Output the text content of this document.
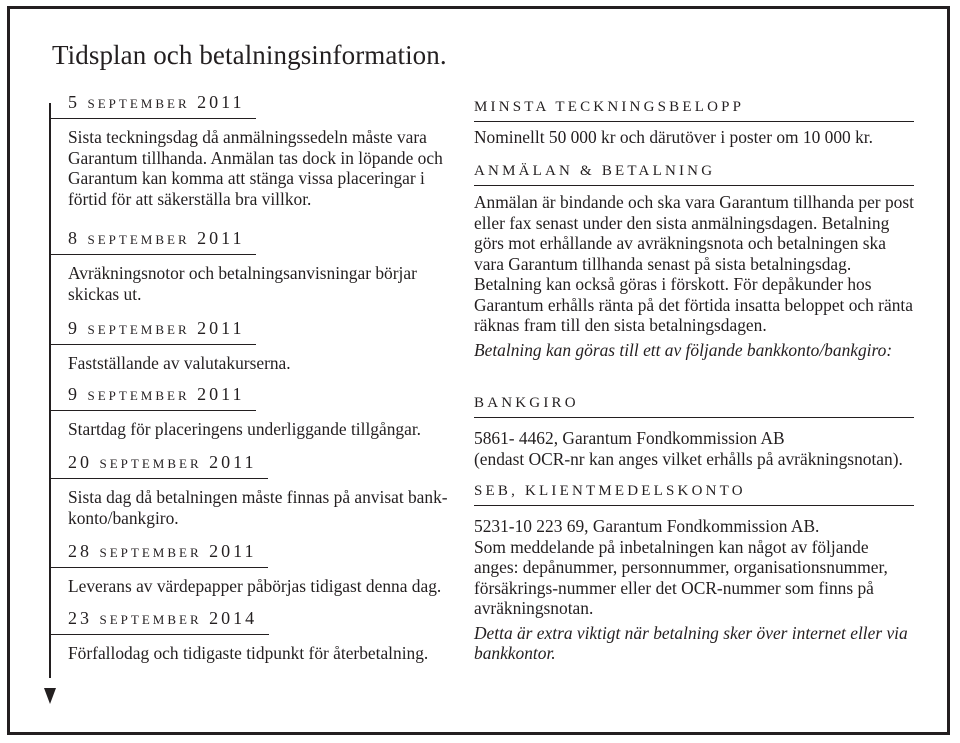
Tidsplan och betalningsinformation.
5 september 2011

Sista teckningsdag då anmälningssedeln måste vara Garantum tillhanda. Anmälan tas dock in löpande och Garantum kan komma att stänga vissa placeringar i förtid för att säkerställa bra villkor.

8 september 2011

Avräkningsnotor och betalningsanvisningar börjar skickas ut.

9 september 2011

Fastställande av valutakurserna.

9 september 2011

Startdag för placeringens underliggande tillgångar.

20 september 2011

Sista dag då betalningen måste finnas på anvisat bank-konto/bankgiro.

28 september 2011

Leverans av värdepapper påbörjas tidigast denna dag.

23 september 2014

Förfallodag och tidigaste tidpunkt för återbetalning.

MINSTA TECKNINGSBELOPP

Nominellt 50 000 kr och därutöver i poster om 10 000 kr.

ANMÄLAN & BETALNING

Anmälan är bindande och ska vara Garantum tillhanda per post eller fax senast under den sista anmälningsdagen. Betalning görs mot erhållande av avräkningsnota och betalningen ska vara Garantum tillhanda senast på sista betalningsdag. Betalning kan också göras i förskott. För depåkunder hos Garantum erhålls ränta på det förtida insatta beloppet och ränta räknas fram till den sista betalningsdagen.

Betalning kan göras till ett av följande bankkonto/bankgiro:

BANKGIRO

5861- 4462, Garantum Fondkommission AB

(endast OCR-nr kan anges vilket erhålls på avräkningsnotan).

SEB, KLIENTMEDELSKONTO

5231-10 223 69, Garantum Fondkommission AB.

Som meddelande på inbetalningen kan något av följande anges: depånummer, personnummer, organisationsnummer, försäkrings-nummer eller det OCR-nummer som finns på avräkningsnotan.

Detta är extra viktigt när betalning sker över internet eller via bankkontor.
